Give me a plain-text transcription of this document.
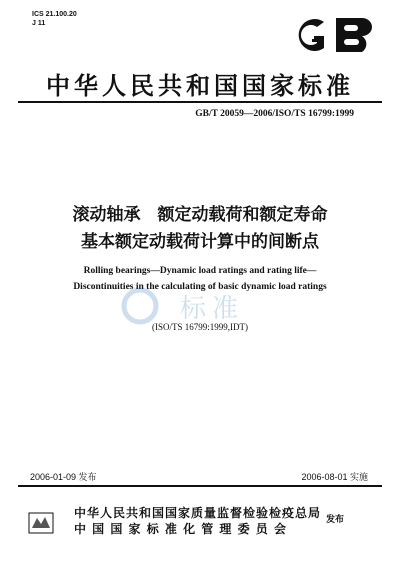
ICS 21.100.20
J 11
中华人民共和国国家标准
GB/T 20059—2006/ISO/TS 16799:1999
滚动轴承　额定动载荷和额定寿命
基本额定动载荷计算中的间断点
Rolling bearings—Dynamic load ratings and rating life—
Discontinuities in the calculating of basic dynamic load ratings
标准
(ISO/TS 16799:1999,IDT)
2006-01-09 发布	2006-08-01 实施
中华人民共和国国家质量监督检验检疫总局
中 国 国 家 标 准 化 管 理 委 员 会
发布
